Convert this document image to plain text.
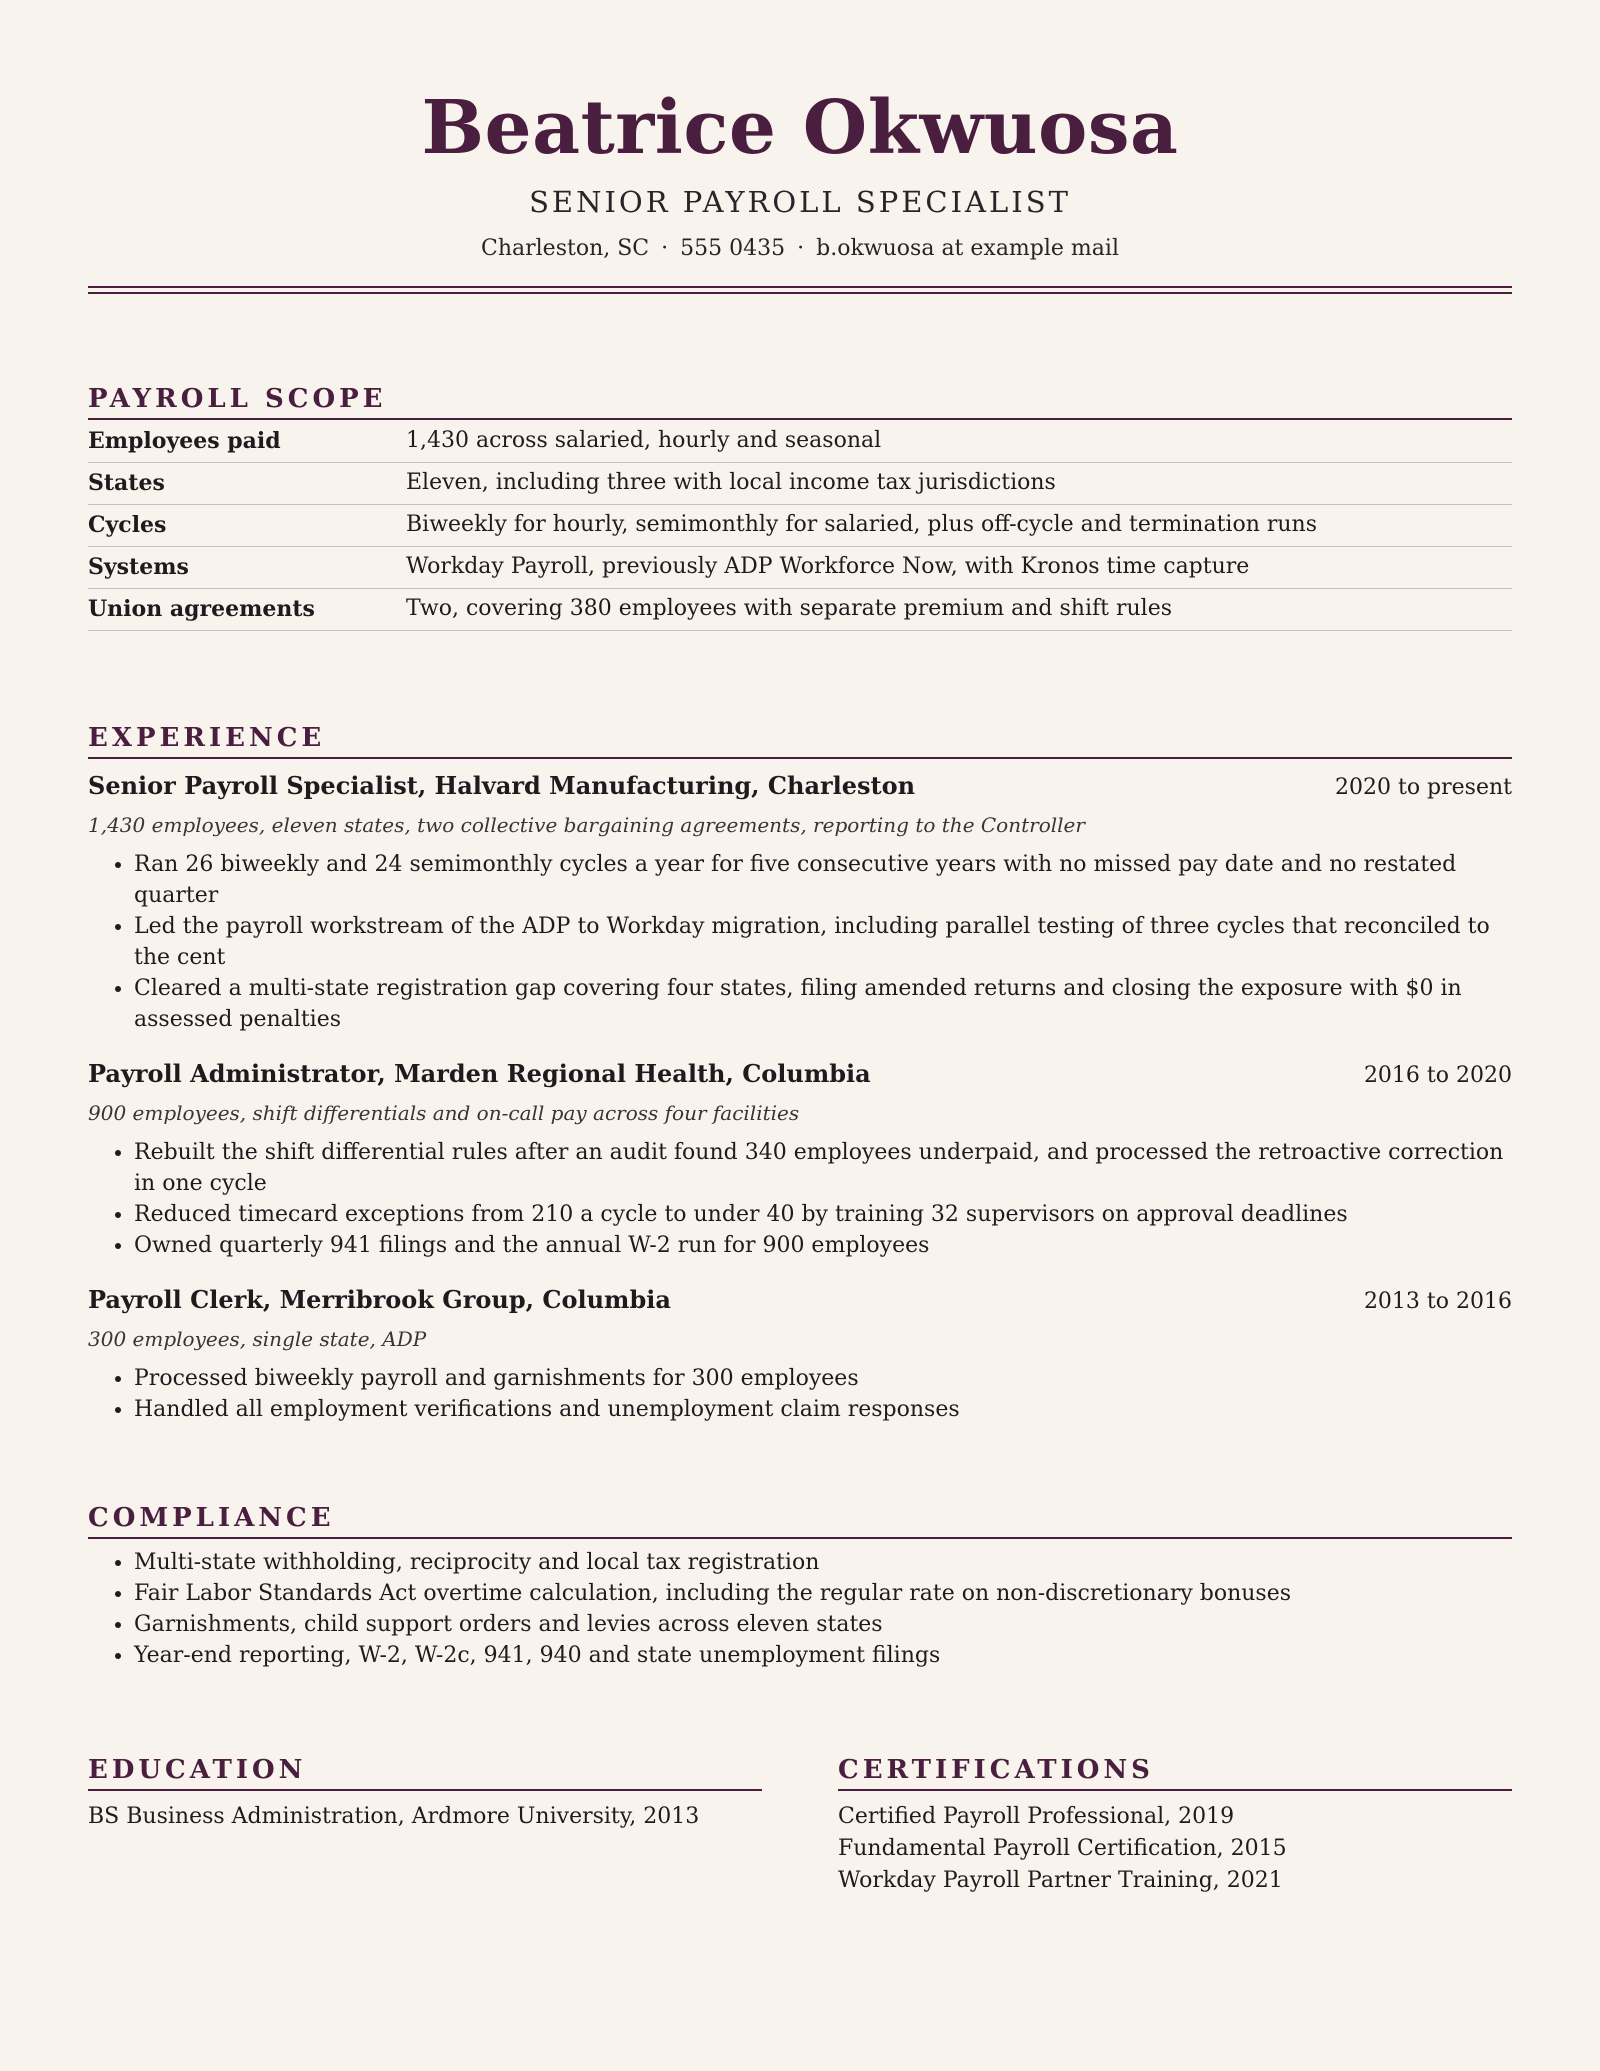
Beatrice Okwuosa
SENIOR PAYROLL SPECIALIST
Charleston, SC · 555 0435 · b.okwuosa at example mail
PAYROLL SCOPE
Employees paid	1,430 across salaried, hourly and seasonal
States	Eleven, including three with local income tax jurisdictions
Cycles	Biweekly for hourly, semimonthly for salaried, plus off-cycle and termination runs
Systems	Workday Payroll, previously ADP Workforce Now, with Kronos time capture
Union agreements	Two, covering 380 employees with separate premium and shift rules
EXPERIENCE
Senior Payroll Specialist, Halvard Manufacturing, Charleston	2020 to present
1,430 employees, eleven states, two collective bargaining agreements, reporting to the Controller
• Ran 26 biweekly and 24 semimonthly cycles a year for five consecutive years with no missed pay date and no restated quarter
• Led the payroll workstream of the ADP to Workday migration, including parallel testing of three cycles that reconciled to the cent
• Cleared a multi-state registration gap covering four states, filing amended returns and closing the exposure with $0 in assessed penalties
Payroll Administrator, Marden Regional Health, Columbia	2016 to 2020
900 employees, shift differentials and on-call pay across four facilities
• Rebuilt the shift differential rules after an audit found 340 employees underpaid, and processed the retroactive correction in one cycle
• Reduced timecard exceptions from 210 a cycle to under 40 by training 32 supervisors on approval deadlines
• Owned quarterly 941 filings and the annual W-2 run for 900 employees
Payroll Clerk, Merribrook Group, Columbia	2013 to 2016
300 employees, single state, ADP
• Processed biweekly payroll and garnishments for 300 employees
• Handled all employment verifications and unemployment claim responses
COMPLIANCE
• Multi-state withholding, reciprocity and local tax registration
• Fair Labor Standards Act overtime calculation, including the regular rate on non-discretionary bonuses
• Garnishments, child support orders and levies across eleven states
• Year-end reporting, W-2, W-2c, 941, 940 and state unemployment filings
EDUCATION
BS Business Administration, Ardmore University, 2013
CERTIFICATIONS
Certified Payroll Professional, 2019
Fundamental Payroll Certification, 2015
Workday Payroll Partner Training, 2021
